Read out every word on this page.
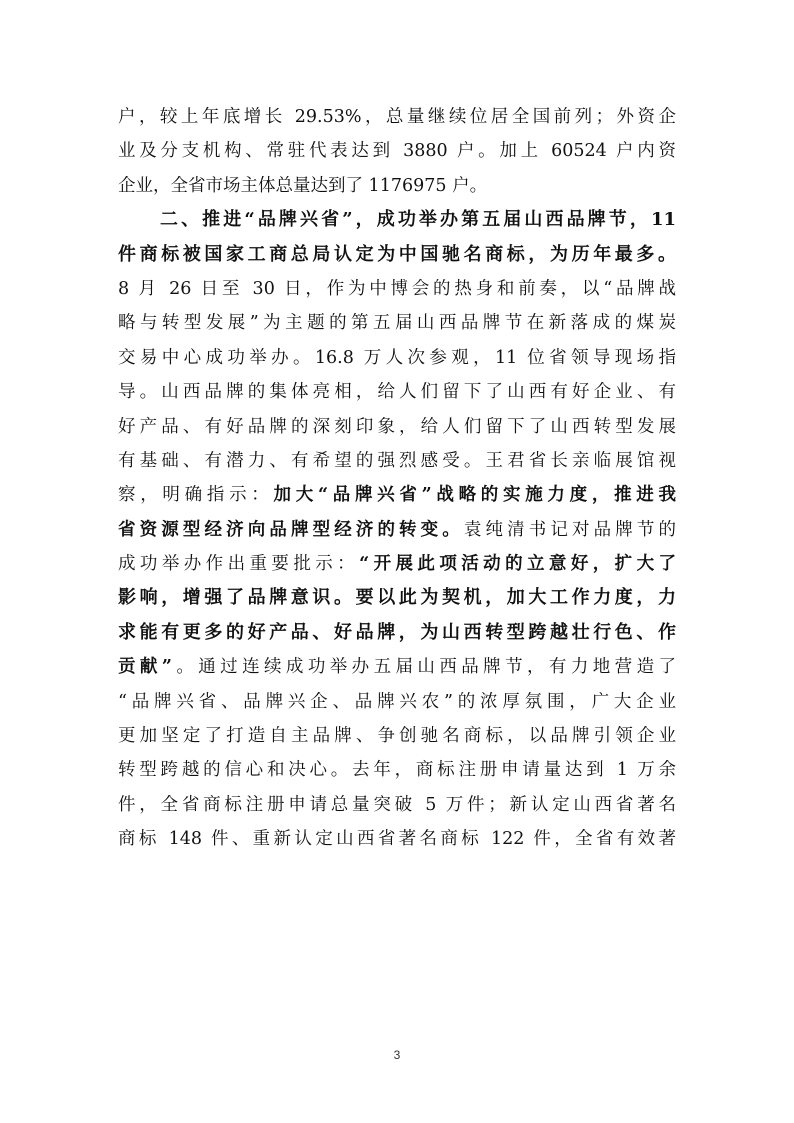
户，较上年底增长 29.53%，总量继续位居全国前列；外资企
业及分支机构、常驻代表达到 3880 户。加上 60524 户内资
企业，全省市场主体总量达到了 1176975 户。
二、推进“品牌兴省”，成功举办第五届山西品牌节，11
件商标被国家工商总局认定为中国驰名商标，为历年最多。
8 月 26 日至 30 日，作为中博会的热身和前奏，以“品牌战
略与转型发展”为主题的第五届山西品牌节在新落成的煤炭
交易中心成功举办。16.8 万人次参观，11 位省领导现场指
导。山西品牌的集体亮相，给人们留下了山西有好企业、有
好产品、有好品牌的深刻印象，给人们留下了山西转型发展
有基础、有潜力、有希望的强烈感受。王君省长亲临展馆视
察，明确指示：加大“品牌兴省”战略的实施力度，推进我
省资源型经济向品牌型经济的转变。袁纯清书记对品牌节的
成功举办作出重要批示：“开展此项活动的立意好，扩大了
影响，增强了品牌意识。要以此为契机，加大工作力度，力
求能有更多的好产品、好品牌，为山西转型跨越壮行色、作
贡献”。通过连续成功举办五届山西品牌节，有力地营造了
“品牌兴省、品牌兴企、品牌兴农”的浓厚氛围，广大企业
更加坚定了打造自主品牌、争创驰名商标，以品牌引领企业
转型跨越的信心和决心。去年，商标注册申请量达到 1 万余
件，全省商标注册申请总量突破 5 万件；新认定山西省著名
商标 148 件、重新认定山西省著名商标 122 件，全省有效著
3
